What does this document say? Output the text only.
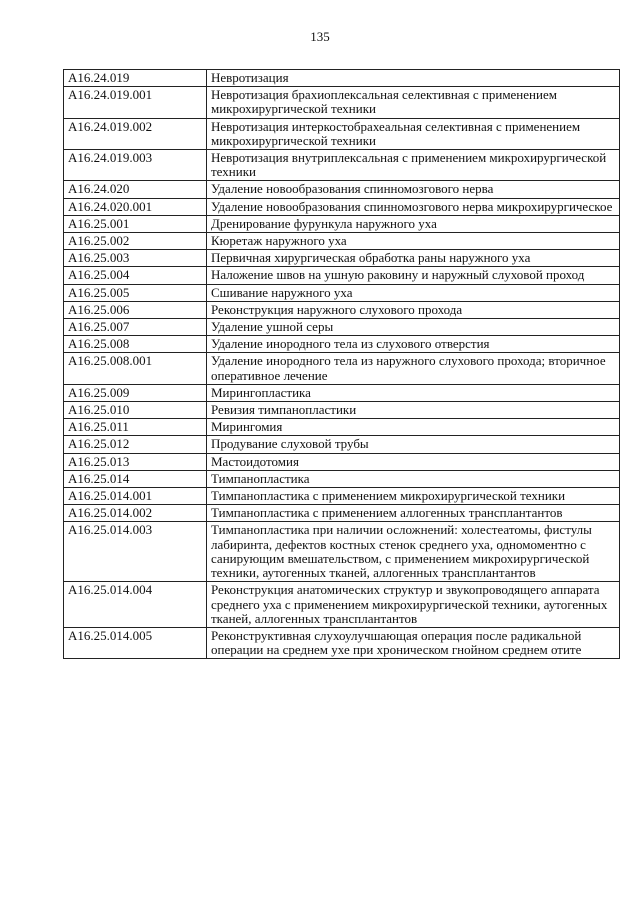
135
A16.24.019	Невротизация
A16.24.019.001	Невротизация брахиоплексальная селективная с применением микрохирургической техники
A16.24.019.002	Невротизация интеркостобрахеальная селективная с применением микрохирургической техники
A16.24.019.003	Невротизация внутриплексальная с применением микрохирургической техники
A16.24.020	Удаление новообразования спинномозгового нерва
A16.24.020.001	Удаление новообразования спинномозгового нерва микрохирургическое
A16.25.001	Дренирование фурункула наружного уха
A16.25.002	Кюретаж наружного уха
A16.25.003	Первичная хирургическая обработка раны наружного уха
A16.25.004	Наложение швов на ушную раковину и наружный слуховой проход
A16.25.005	Сшивание наружного уха
A16.25.006	Реконструкция наружного слухового прохода
A16.25.007	Удаление ушной серы
A16.25.008	Удаление инородного тела из слухового отверстия
A16.25.008.001	Удаление инородного тела из наружного слухового прохода; вторичное оперативное лечение
A16.25.009	Мирингопластика
A16.25.010	Ревизия тимпанопластики
A16.25.011	Мирингомия
A16.25.012	Продувание слуховой трубы
A16.25.013	Мастоидотомия
A16.25.014	Тимпанопластика
A16.25.014.001	Тимпанопластика с применением микрохирургической техники
A16.25.014.002	Тимпанопластика с применением аллогенных трансплантантов
A16.25.014.003	Тимпанопластика при наличии осложнений: холестеатомы, фистулы лабиринта, дефектов костных стенок среднего уха, одномоментно с санирующим вмешательством, с применением микрохирургической техники, аутогенных тканей, аллогенных трансплантантов
A16.25.014.004	Реконструкция анатомических структур и звукопроводящего аппарата среднего уха с применением микрохирургической техники, аутогенных тканей, аллогенных трансплантантов
A16.25.014.005	Реконструктивная слухоулучшающая операция после радикальной операции на среднем ухе при хроническом гнойном среднем отите
